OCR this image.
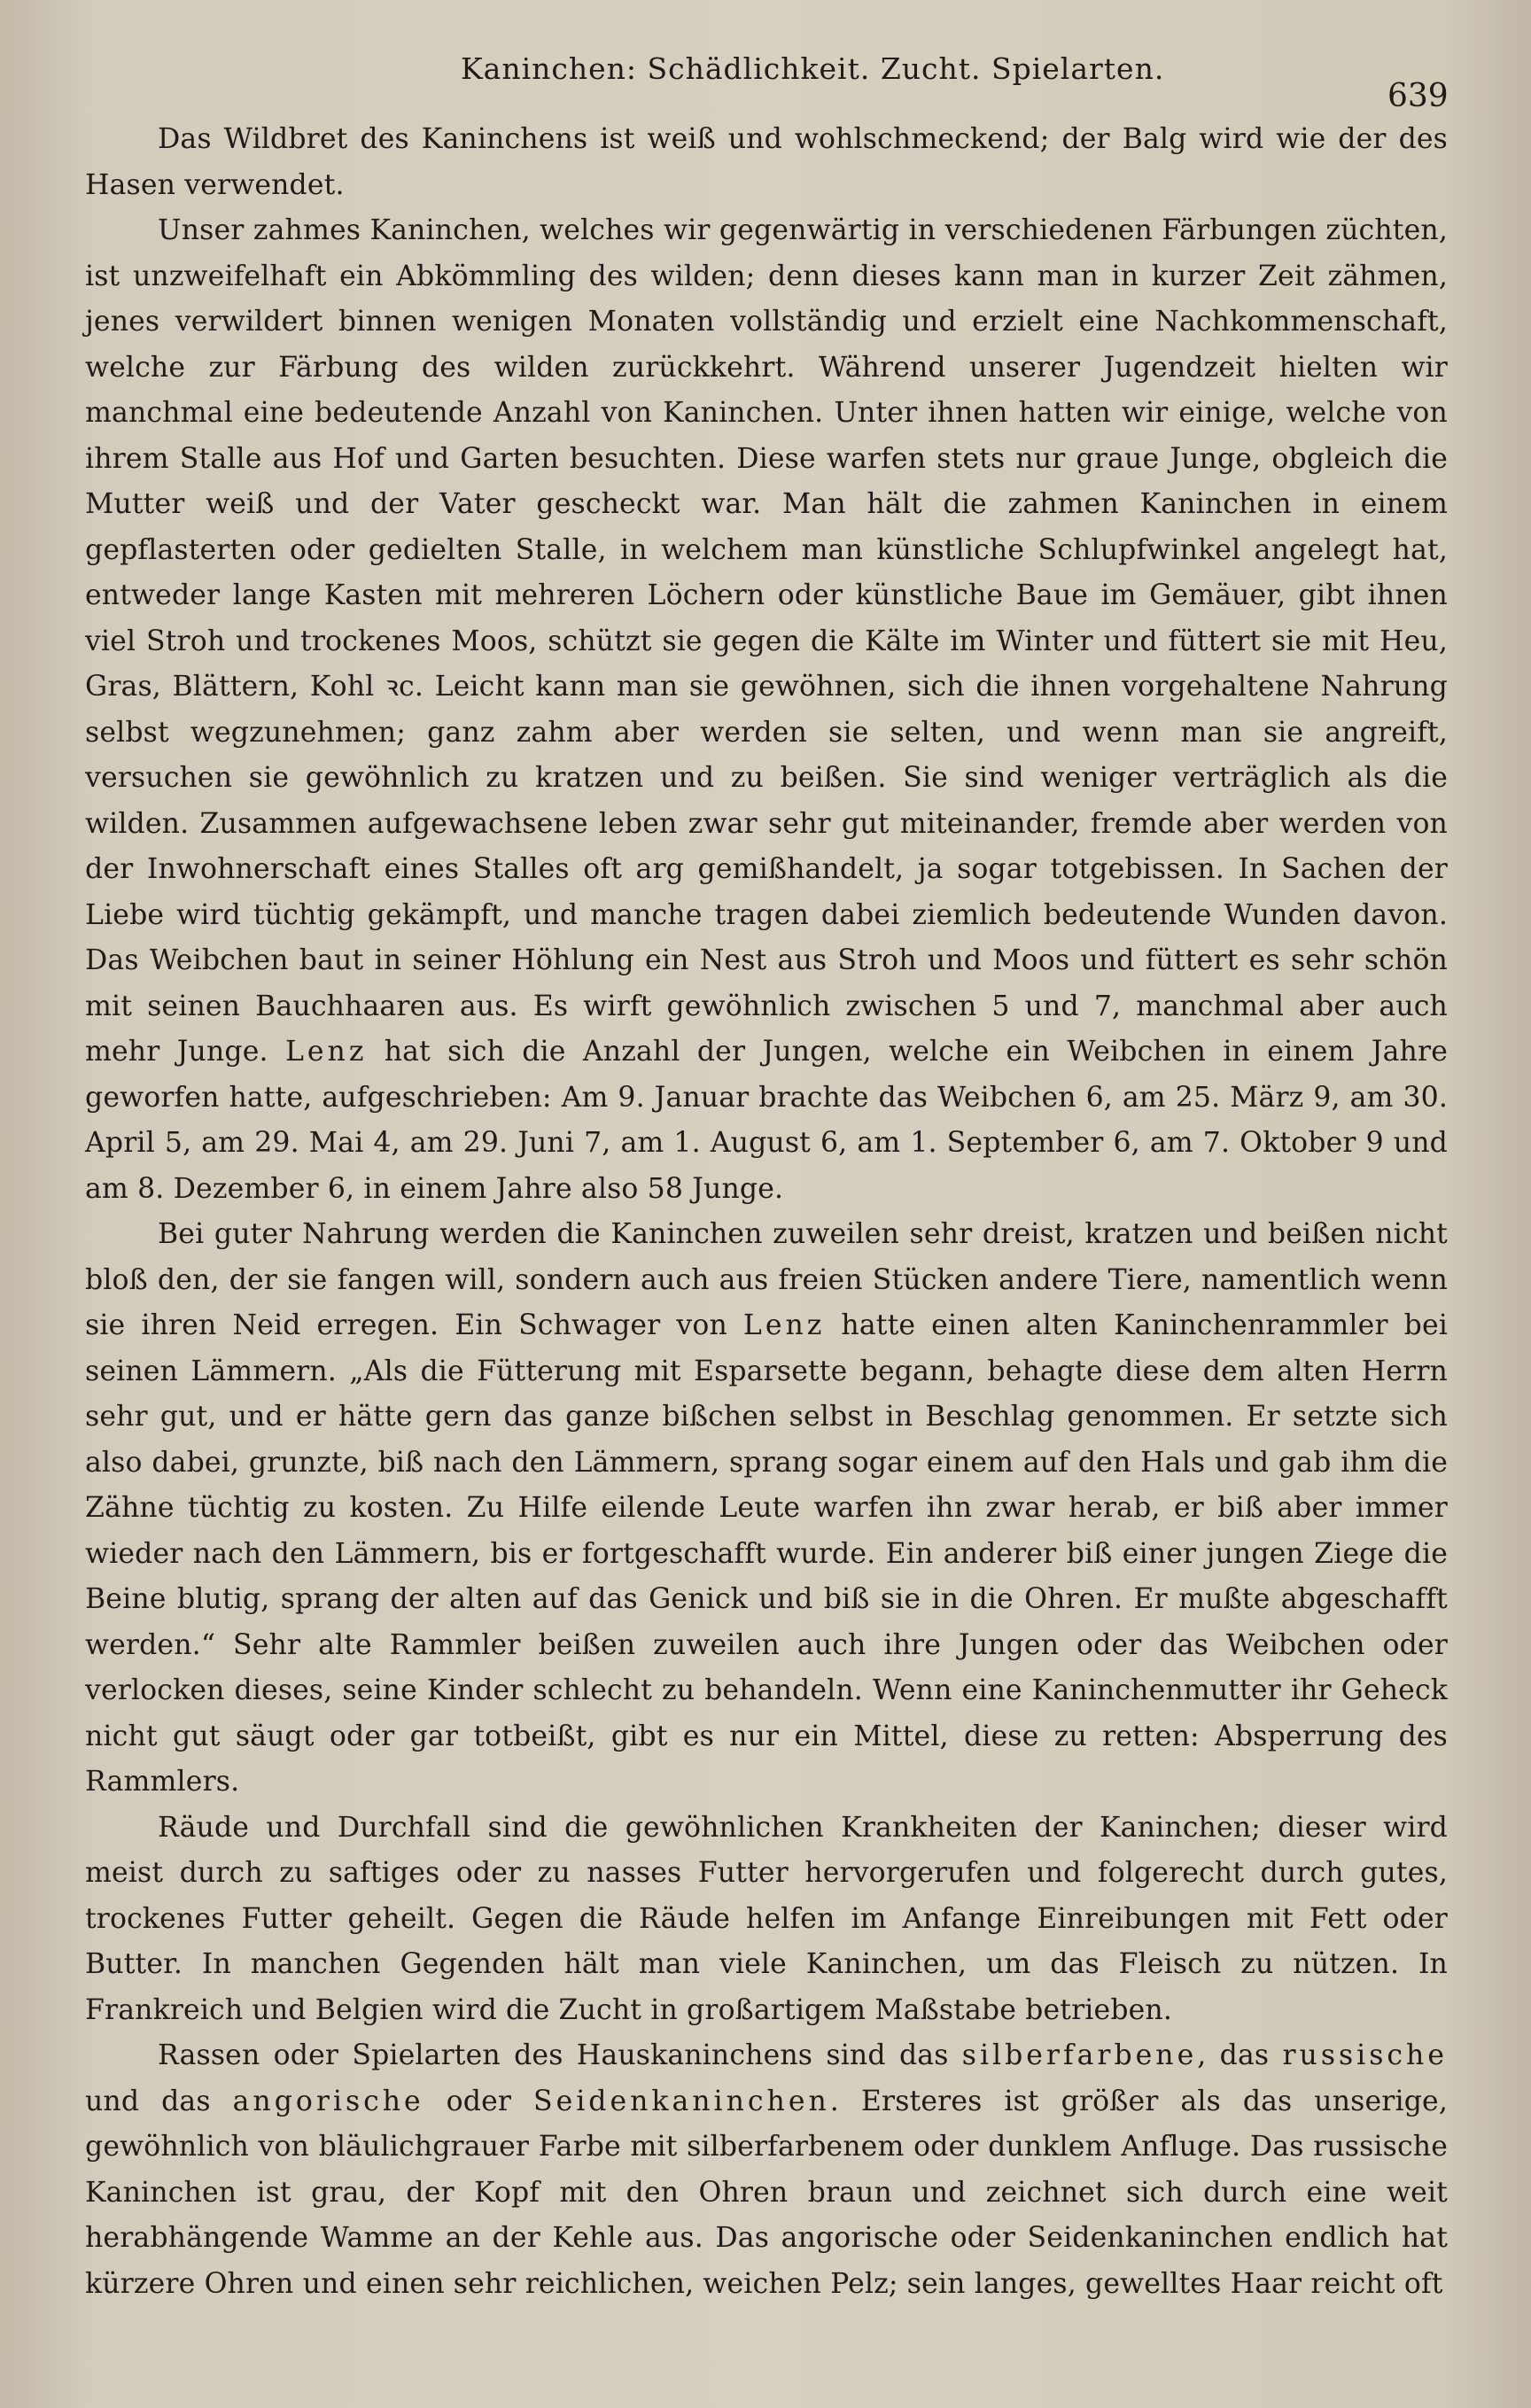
Kaninchen: Schädlichkeit. Zucht. Spielarten.
639

Das Wildbret des Kaninchens ist weiß und wohlschmeckend; der Balg wird wie der des Hasen verwendet.

Unser zahmes Kaninchen, welches wir gegenwärtig in verschiedenen Färbungen züchten, ist unzweifelhaft ein Abkömmling des wilden; denn dieses kann man in kurzer Zeit zähmen, jenes verwildert binnen wenigen Monaten vollständig und erzielt eine Nachkommenschaft, welche zur Färbung des wilden zurückkehrt. Während unserer Jugendzeit hielten wir manchmal eine bedeutende Anzahl von Kaninchen. Unter ihnen hatten wir einige, welche von ihrem Stalle aus Hof und Garten besuchten. Diese warfen stets nur graue Junge, obgleich die Mutter weiß und der Vater gescheckt war. Man hält die zahmen Kaninchen in einem gepflasterten oder gedielten Stalle, in welchem man künstliche Schlupfwinkel angelegt hat, entweder lange Kasten mit mehreren Löchern oder künstliche Baue im Gemäuer, gibt ihnen viel Stroh und trockenes Moos, schützt sie gegen die Kälte im Winter und füttert sie mit Heu, Gras, Blättern, Kohl ꝛc. Leicht kann man sie gewöhnen, sich die ihnen vorgehaltene Nahrung selbst wegzunehmen; ganz zahm aber werden sie selten, und wenn man sie angreift, versuchen sie gewöhnlich zu kratzen und zu beißen. Sie sind weniger verträglich als die wilden. Zusammen aufgewachsene leben zwar sehr gut miteinander, fremde aber werden von der Inwohnerschaft eines Stalles oft arg gemißhandelt, ja sogar totgebissen. In Sachen der Liebe wird tüchtig gekämpft, und manche tragen dabei ziemlich bedeutende Wunden davon. Das Weibchen baut in seiner Höhlung ein Nest aus Stroh und Moos und füttert es sehr schön mit seinen Bauchhaaren aus. Es wirft gewöhnlich zwischen 5 und 7, manchmal aber auch mehr Junge. Lenz hat sich die Anzahl der Jungen, welche ein Weibchen in einem Jahre geworfen hatte, aufgeschrieben: Am 9. Januar brachte das Weibchen 6, am 25. März 9, am 30. April 5, am 29. Mai 4, am 29. Juni 7, am 1. August 6, am 1. September 6, am 7. Oktober 9 und am 8. Dezember 6, in einem Jahre also 58 Junge.

Bei guter Nahrung werden die Kaninchen zuweilen sehr dreist, kratzen und beißen nicht bloß den, der sie fangen will, sondern auch aus freien Stücken andere Tiere, namentlich wenn sie ihren Neid erregen. Ein Schwager von Lenz hatte einen alten Kaninchenrammler bei seinen Lämmern. „Als die Fütterung mit Esparsette begann, behagte diese dem alten Herrn sehr gut, und er hätte gern das ganze bißchen selbst in Beschlag genommen. Er setzte sich also dabei, grunzte, biß nach den Lämmern, sprang sogar einem auf den Hals und gab ihm die Zähne tüchtig zu kosten. Zu Hilfe eilende Leute warfen ihn zwar herab, er biß aber immer wieder nach den Lämmern, bis er fortgeschafft wurde. Ein anderer biß einer jungen Ziege die Beine blutig, sprang der alten auf das Genick und biß sie in die Ohren. Er mußte abgeschafft werden.“ Sehr alte Rammler beißen zuweilen auch ihre Jungen oder das Weibchen oder verlocken dieses, seine Kinder schlecht zu behandeln. Wenn eine Kaninchenmutter ihr Geheck nicht gut säugt oder gar totbeißt, gibt es nur ein Mittel, diese zu retten: Absperrung des Rammlers.

Räude und Durchfall sind die gewöhnlichen Krankheiten der Kaninchen; dieser wird meist durch zu saftiges oder zu nasses Futter hervorgerufen und folgerecht durch gutes, trockenes Futter geheilt. Gegen die Räude helfen im Anfange Einreibungen mit Fett oder Butter. In manchen Gegenden hält man viele Kaninchen, um das Fleisch zu nützen. In Frankreich und Belgien wird die Zucht in großartigem Maßstabe betrieben.

Rassen oder Spielarten des Hauskaninchens sind das silberfarbene, das russische und das angorische oder Seidenkaninchen. Ersteres ist größer als das unserige, gewöhnlich von bläulichgrauer Farbe mit silberfarbenem oder dunklem Anfluge. Das russische Kaninchen ist grau, der Kopf mit den Ohren braun und zeichnet sich durch eine weit herabhängende Wamme an der Kehle aus. Das angorische oder Seidenkaninchen endlich hat kürzere Ohren und einen sehr reichlichen, weichen Pelz; sein langes, gewelltes Haar reicht oft
